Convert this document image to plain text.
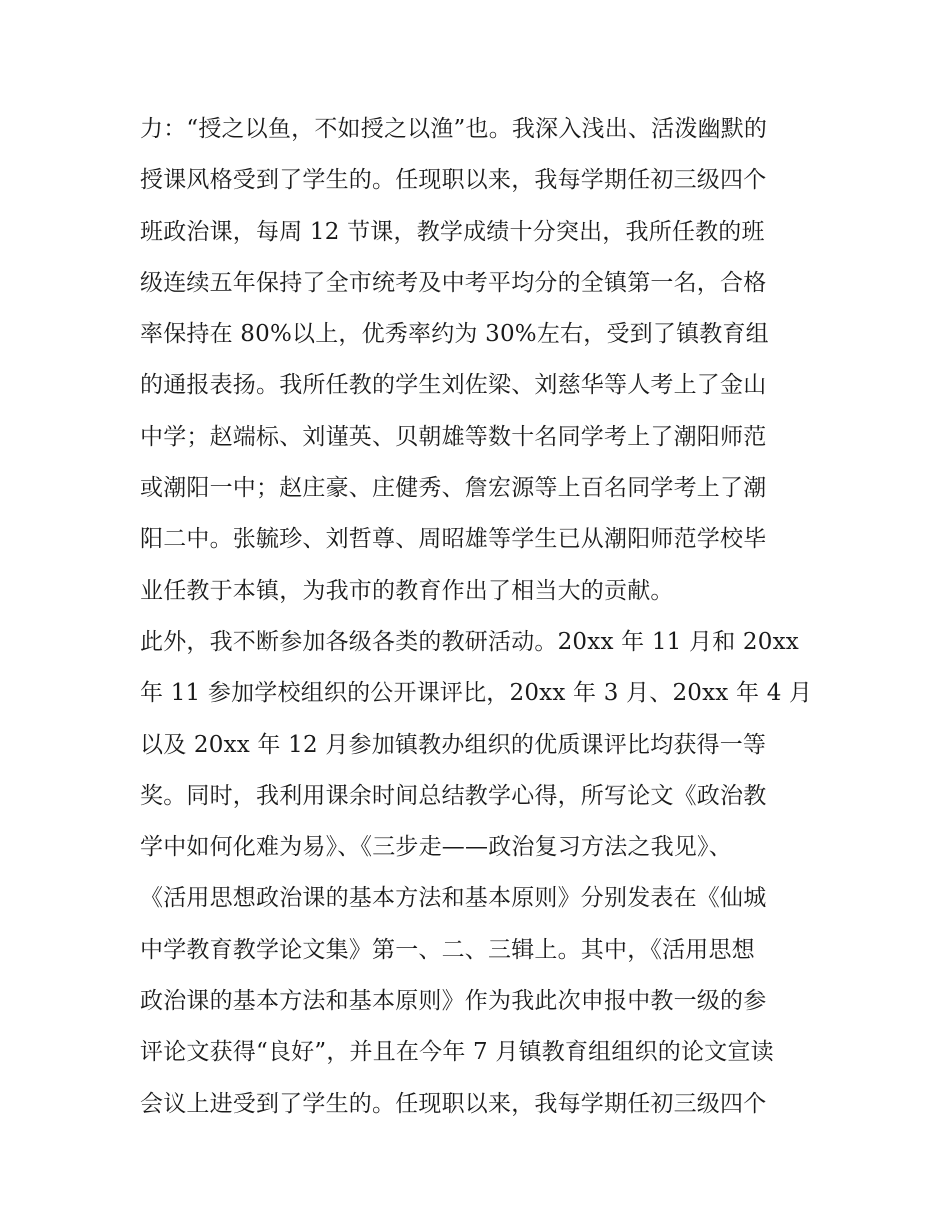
力：“授之以鱼，不如授之以渔”也。我深入浅出、活泼幽默的
授课风格受到了学生的。任现职以来，我每学期任初三级四个
班政治课，每周 12 节课，教学成绩十分突出，我所任教的班
级连续五年保持了全市统考及中考平均分的全镇第一名，合格
率保持在 80%以上，优秀率约为 30%左右，受到了镇教育组
的通报表扬。我所任教的学生刘佐梁、刘慈华等人考上了金山
中学；赵端标、刘谨英、贝朝雄等数十名同学考上了潮阳师范
或潮阳一中；赵庄豪、庄健秀、詹宏源等上百名同学考上了潮
阳二中。张毓珍、刘哲尊、周昭雄等学生已从潮阳师范学校毕
业任教于本镇，为我市的教育作出了相当大的贡献。
此外，我不断参加各级各类的教研活动。20xx 年 11 月和 20xx
年 11 参加学校组织的公开课评比，20xx 年 3 月、20xx 年 4 月
以及 20xx 年 12 月参加镇教办组织的优质课评比均获得一等
奖。同时，我利用课余时间总结教学心得，所写论文《政治教
学中如何化难为易》、《三步走——政治复习方法之我见》、
《活用思想政治课的基本方法和基本原则》分别发表在《仙城
中学教育教学论文集》第一、二、三辑上。其中，《活用思想
政治课的基本方法和基本原则》作为我此次申报中教一级的参
评论文获得“良好”，并且在今年 7 月镇教育组组织的论文宣读
会议上进受到了学生的。任现职以来，我每学期任初三级四个
